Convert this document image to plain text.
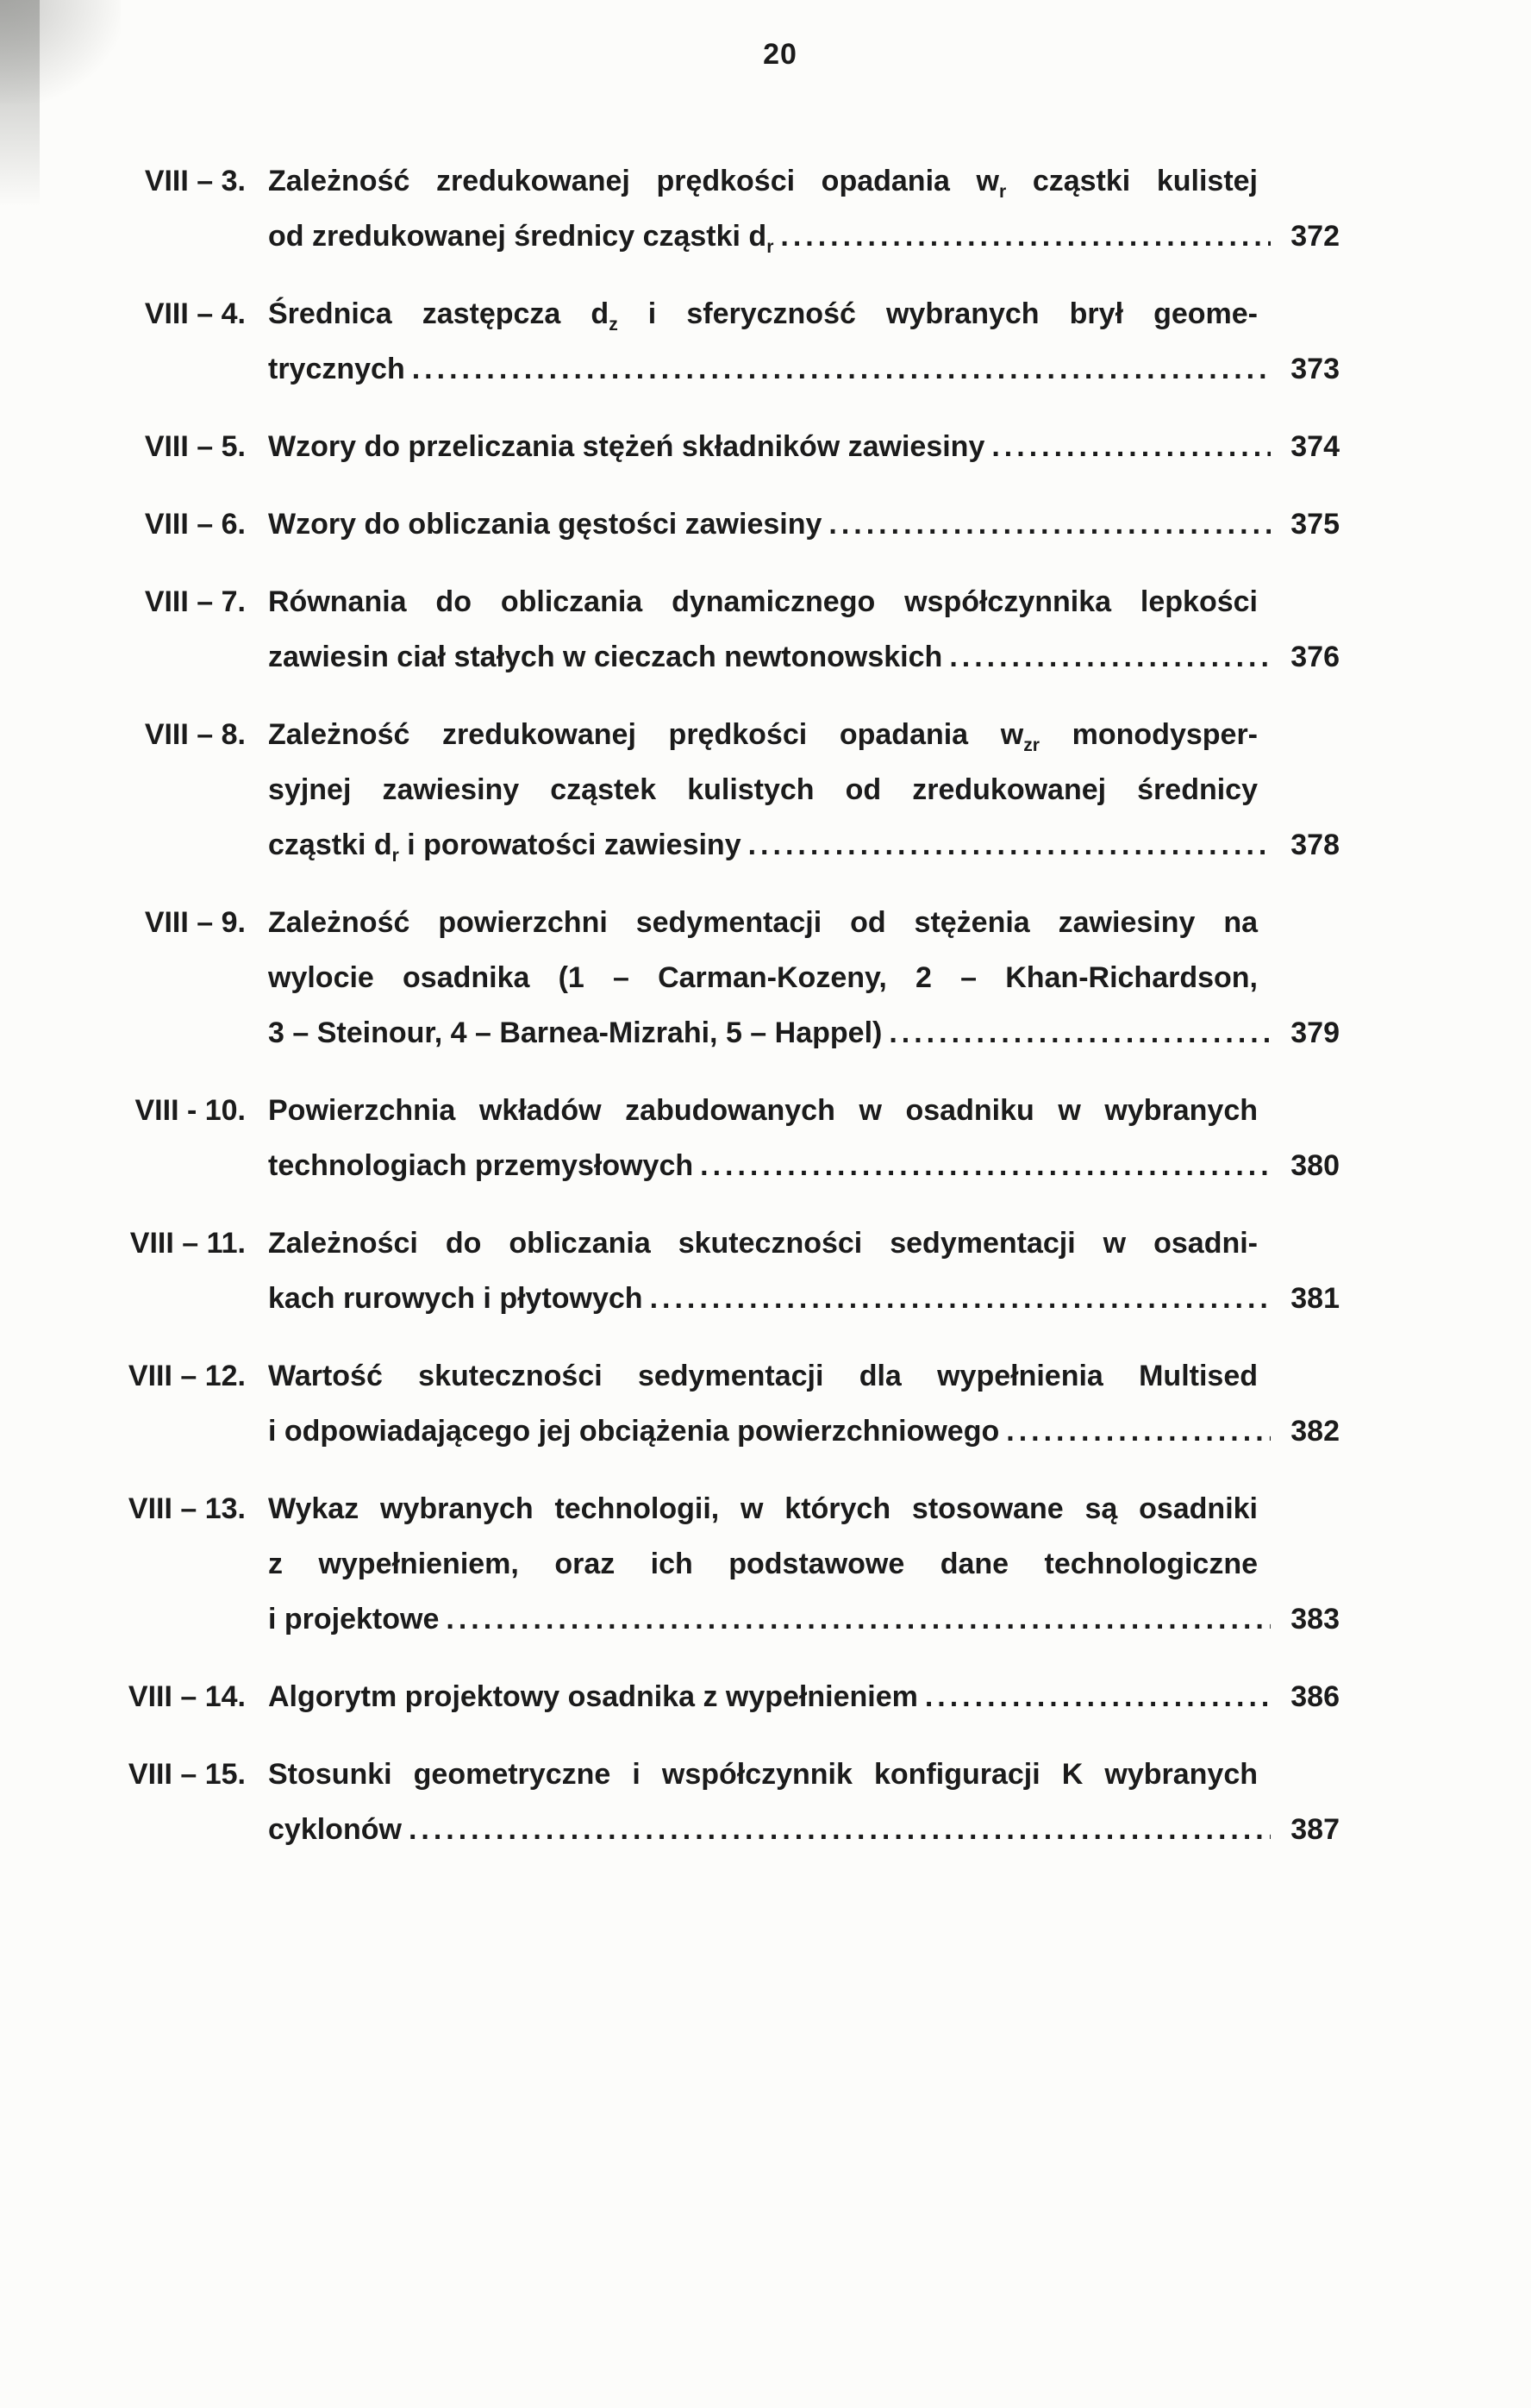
20
VIII – 3. Zależność zredukowanej prędkości opadania $w_r$ cząstki kulistej
od zredukowanej średnicy cząstki $d_r$ .....	372
VIII – 4. Średnica zastępcza $d_z$ i sferyczność wybranych brył geome-
trycznych .....	373
VIII – 5. Wzory do przeliczania stężeń składników zawiesiny .....	374
VIII – 6. Wzory do obliczania gęstości zawiesiny .....	375
VIII – 7. Równania do obliczania dynamicznego współczynnika lepkości
zawiesin ciał stałych w cieczach newtonowskich .....	376
VIII – 8. Zależność zredukowanej prędkości opadania $w_{zr}$ monodysper-
syjnej zawiesiny cząstek kulistych od zredukowanej średnicy
cząstki $d_r$ i porowatości zawiesiny .....	378
VIII – 9. Zależność powierzchni sedymentacji od stężenia zawiesiny na
wylocie osadnika (1 – Carman-Kozeny, 2 – Khan-Richardson,
3 – Steinour, 4 – Barnea-Mizrahi, 5 – Happel) .....	379
VIII - 10. Powierzchnia wkładów zabudowanych w osadniku w wybranych
technologiach przemysłowych .....	380
VIII – 11. Zależności do obliczania skuteczności sedymentacji w osadni-
kach rurowych i płytowych .....	381
VIII – 12. Wartość skuteczności sedymentacji dla wypełnienia Multised
i odpowiadającego jej obciążenia powierzchniowego .....	382
VIII – 13. Wykaz wybranych technologii, w których stosowane są osadniki
z wypełnieniem, oraz ich podstawowe dane technologiczne
i projektowe .....	383
VIII – 14. Algorytm projektowy osadnika z wypełnieniem .....	386
VIII – 15. Stosunki geometryczne i współczynnik konfiguracji K wybranych
cyklonów .....	387
